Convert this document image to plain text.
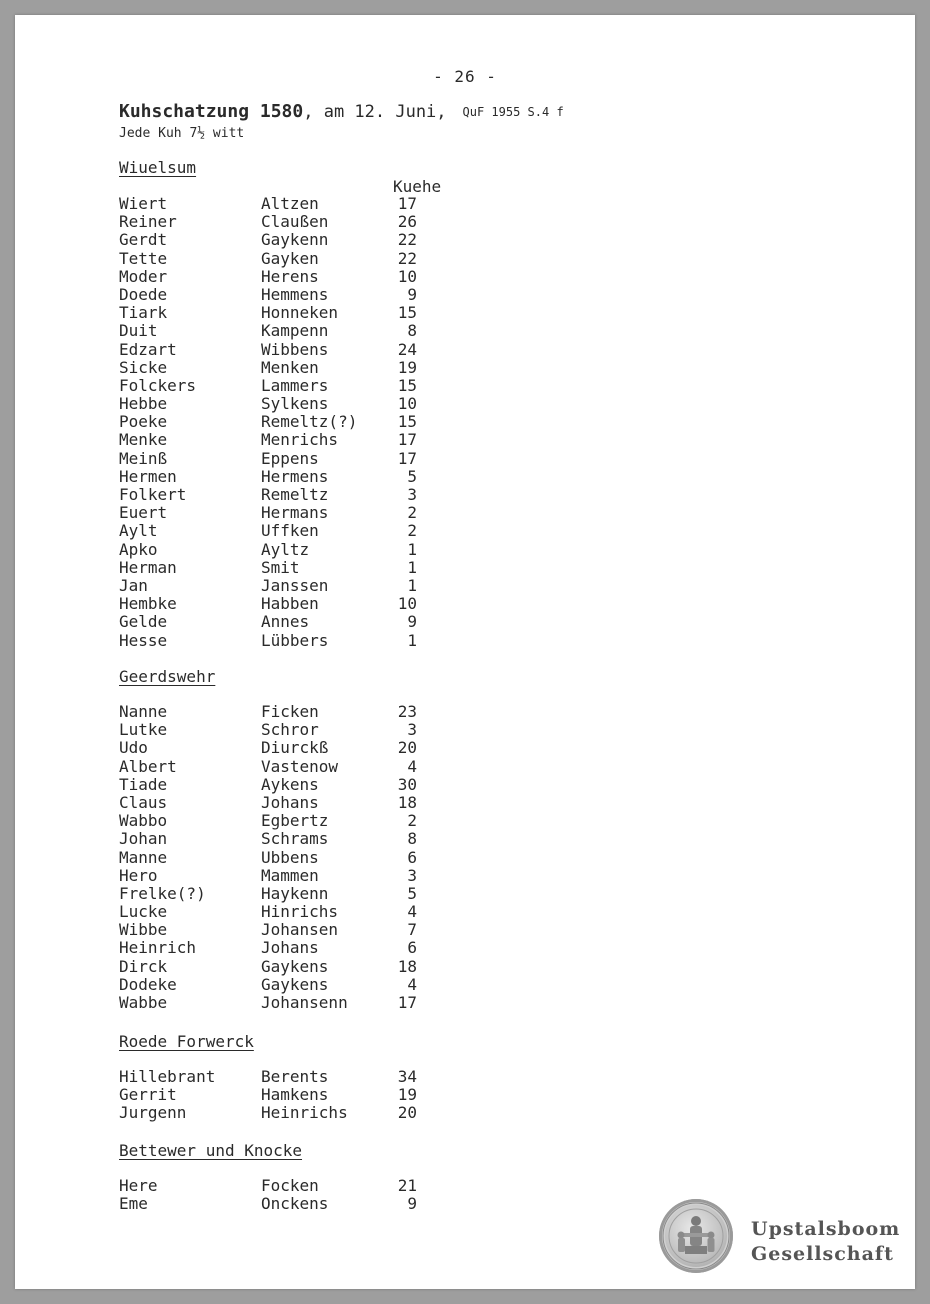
- 26 -
Kuhschatzung 1580, am 12. Juni, QuF 1955 S.4 f
Jede Kuh 7½ witt
Wiuelsum
Kuehe
Wiert	Altzen	17
Reiner	Claußen	26
Gerdt	Gaykenn	22
Tette	Gayken	22
Moder	Herens	10
Doede	Hemmens	9
Tiark	Honneken	15
Duit	Kampenn	8
Edzart	Wibbens	24
Sicke	Menken	19
Folckers	Lammers	15
Hebbe	Sylkens	10
Poeke	Remeltz(?)	15
Menke	Menrichs	17
Meinß	Eppens	17
Hermen	Hermens	5
Folkert	Remeltz	3
Euert	Hermans	2
Aylt	Uffken	2
Apko	Ayltz	1
Herman	Smit	1
Jan	Janssen	1
Hembke	Habben	10
Gelde	Annes	9
Hesse	Lübbers	1
Geerdswehr
Nanne	Ficken	23
Lutke	Schror	3
Udo	Diurckß	20
Albert	Vastenow	4
Tiade	Aykens	30
Claus	Johans	18
Wabbo	Egbertz	2
Johan	Schrams	8
Manne	Ubbens	6
Hero	Mammen	3
Frelke(?)	Haykenn	5
Lucke	Hinrichs	4
Wibbe	Johansen	7
Heinrich	Johans	6
Dirck	Gaykens	18
Dodeke	Gaykens	4
Wabbe	Johansenn	17
Roede Forwerck
Hillebrant	Berents	34
Gerrit	Hamkens	19
Jurgenn	Heinrichs	20
Bettewer und Knocke
Here	Focken	21
Eme	Onckens	9
Upstalsboom
Gesellschaft
